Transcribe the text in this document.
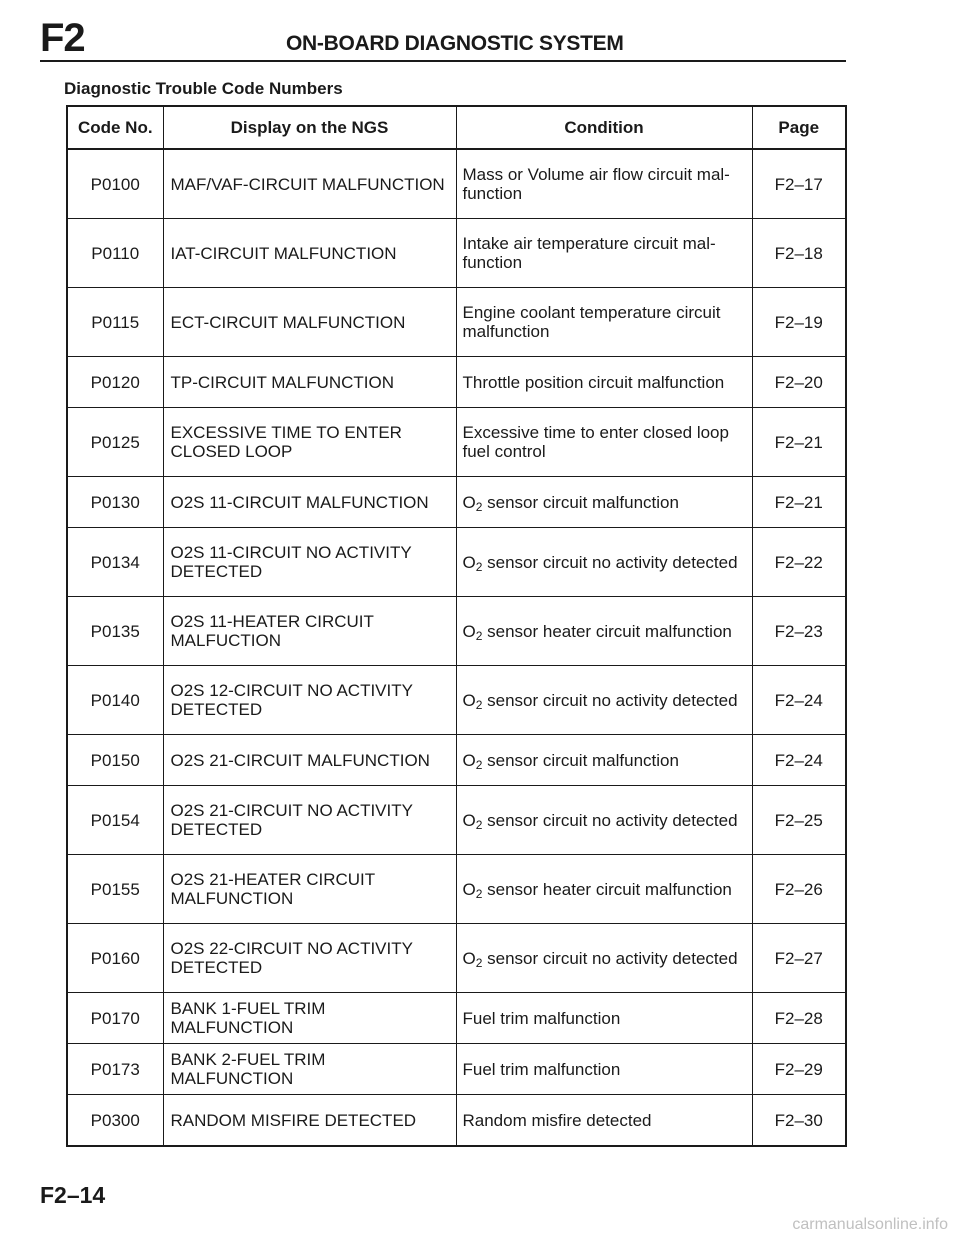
F2	ON-BOARD DIAGNOSTIC SYSTEM
Diagnostic Trouble Code Numbers
Code No.	Display on the NGS	Condition	Page
P0100	MAF/VAF-CIRCUIT MALFUNCTION	Mass or Volume air flow circuit mal-
function	F2–17
P0110	IAT-CIRCUIT MALFUNCTION	Intake air temperature circuit mal-
function	F2–18
P0115	ECT-CIRCUIT MALFUNCTION	Engine coolant temperature circuit
malfunction	F2–19
P0120	TP-CIRCUIT MALFUNCTION	Throttle position circuit malfunction	F2–20
P0125	EXCESSIVE TIME TO ENTER
CLOSED LOOP	Excessive time to enter closed loop
fuel control	F2–21
P0130	O2S 11-CIRCUIT MALFUNCTION	$O_2$ sensor circuit malfunction	F2–21
P0134	O2S 11-CIRCUIT NO ACTIVITY
DETECTED	$O_2$ sensor circuit no activity detected	F2–22
P0135	O2S 11-HEATER CIRCUIT
MALFUCTION	$O_2$ sensor heater circuit malfunction	F2–23
P0140	O2S 12-CIRCUIT NO ACTIVITY
DETECTED	$O_2$ sensor circuit no activity detected	F2–24
P0150	O2S 21-CIRCUIT MALFUNCTION	$O_2$ sensor circuit malfunction	F2–24
P0154	O2S 21-CIRCUIT NO ACTIVITY
DETECTED	$O_2$ sensor circuit no activity detected	F2–25
P0155	O2S 21-HEATER CIRCUIT
MALFUNCTION	$O_2$ sensor heater circuit malfunction	F2–26
P0160	O2S 22-CIRCUIT NO ACTIVITY
DETECTED	$O_2$ sensor circuit no activity detected	F2–27
P0170	BANK 1-FUEL TRIM MALFUNCTION	Fuel trim malfunction	F2–28
P0173	BANK 2-FUEL TRIM MALFUNCTION	Fuel trim malfunction	F2–29
P0300	RANDOM MISFIRE DETECTED	Random misfire detected	F2–30
F2–14
carmanualsonline.info
